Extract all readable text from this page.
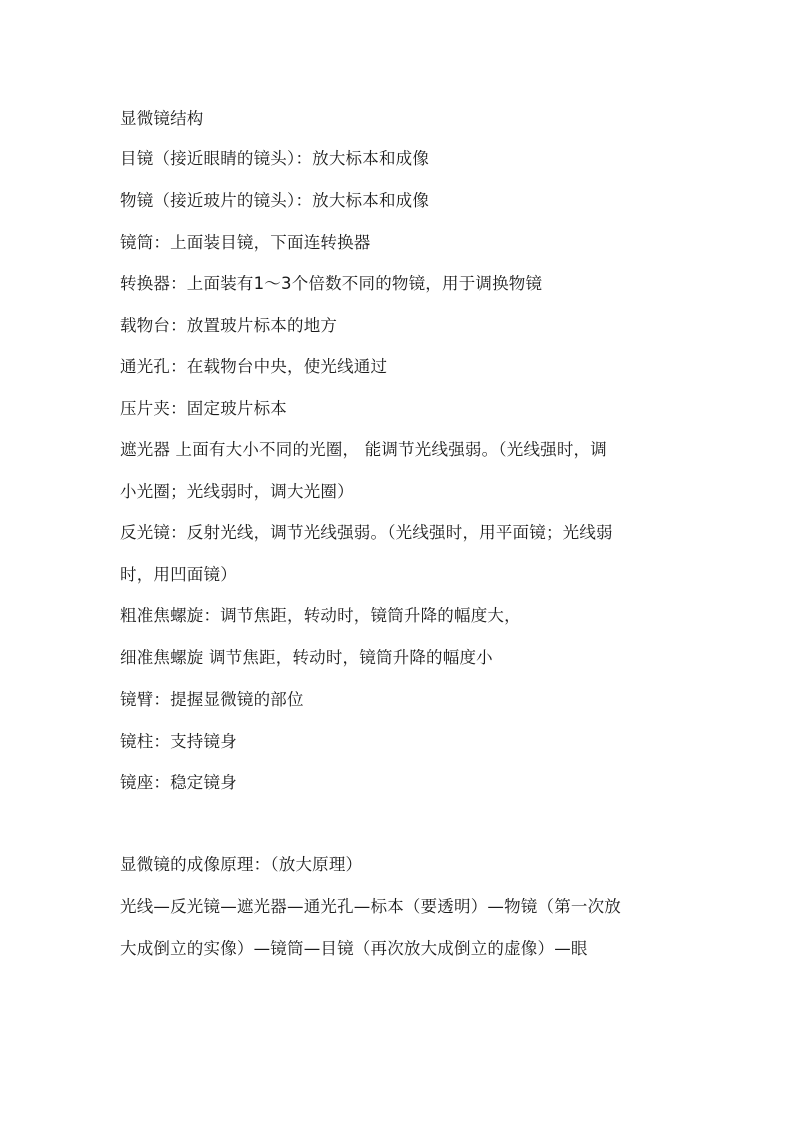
显微镜结构
目镜（接近眼睛的镜头）：放大标本和成像
物镜（接近玻片的镜头）：放大标本和成像
镜筒：上面装目镜，下面连转换器
转换器：上面装有1～3个倍数不同的物镜，用于调换物镜
载物台：放置玻片标本的地方
通光孔：在载物台中央，使光线通过
压片夹：固定玻片标本
遮光器 上面有大小不同的光圈， 能调节光线强弱。（光线强时，调
小光圈；光线弱时，调大光圈）
反光镜：反射光线，调节光线强弱。（光线强时，用平面镜；光线弱
时，用凹面镜）
粗准焦螺旋：调节焦距，转动时，镜筒升降的幅度大，
细准焦螺旋 调节焦距，转动时，镜筒升降的幅度小
镜臂：提握显微镜的部位
镜柱：支持镜身
镜座：稳定镜身
显微镜的成像原理：（放大原理）
光线—反光镜—遮光器—通光孔—标本（要透明）—物镜（第一次放
大成倒立的实像）—镜筒—目镜（再次放大成倒立的虚像）—眼
